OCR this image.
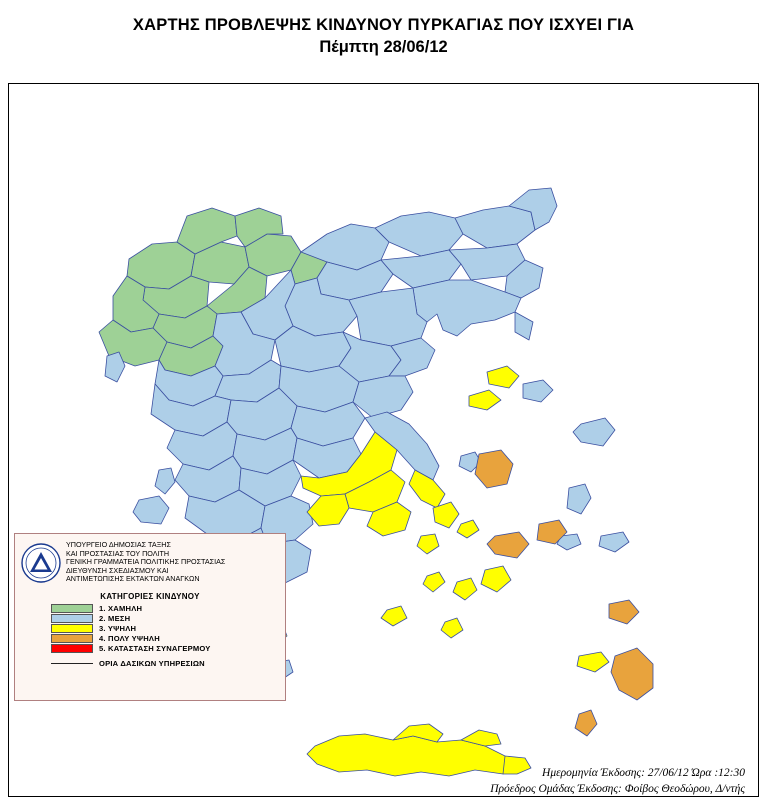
ΧΑΡΤΗΣ ΠΡΟΒΛΕΨΗΣ ΚΙΝΔΥΝΟΥ ΠΥΡΚΑΓΙΑΣ ΠΟΥ ΙΣΧΥΕΙ ΓΙΑ
Πέμπτη 28/06/12
ΥΠΟΥΡΓΕΙΟ ΔΗΜΟΣΙΑΣ ΤΑΞΗΣ
ΚΑΙ ΠΡΟΣΤΑΣΙΑΣ ΤΟΥ ΠΟΛΙΤΗ
ΓΕΝΙΚΗ ΓΡΑΜΜΑΤΕΙΑ ΠΟΛΙΤΙΚΗΣ ΠΡΟΣΤΑΣΙΑΣ
ΔΙΕΥΘΥΝΣΗ ΣΧΕΔΙΑΣΜΟΥ ΚΑΙ
ΑΝΤΙΜΕΤΩΠΙΣΗΣ ΕΚΤΑΚΤΩΝ ΑΝΑΓΚΩΝ
ΚΑΤΗΓΟΡΙΕΣ ΚΙΝΔΥΝΟΥ
1. ΧΑΜΗΛΗ
2. ΜΕΣΗ
3. ΥΨΗΛΗ
4. ΠΟΛΥ ΥΨΗΛΗ
5. ΚΑΤΑΣΤΑΣΗ ΣΥΝΑΓΕΡΜΟΥ
ΟΡΙΑ ΔΑΣΙΚΩΝ ΥΠΗΡΕΣΙΩΝ
Ημερομηνία Έκδοσης: 27/06/12 Ώρα :12:30
Πρόεδρος Ομάδας Έκδοσης: Φοίβος Θεοδώρου, Δ/ντής
